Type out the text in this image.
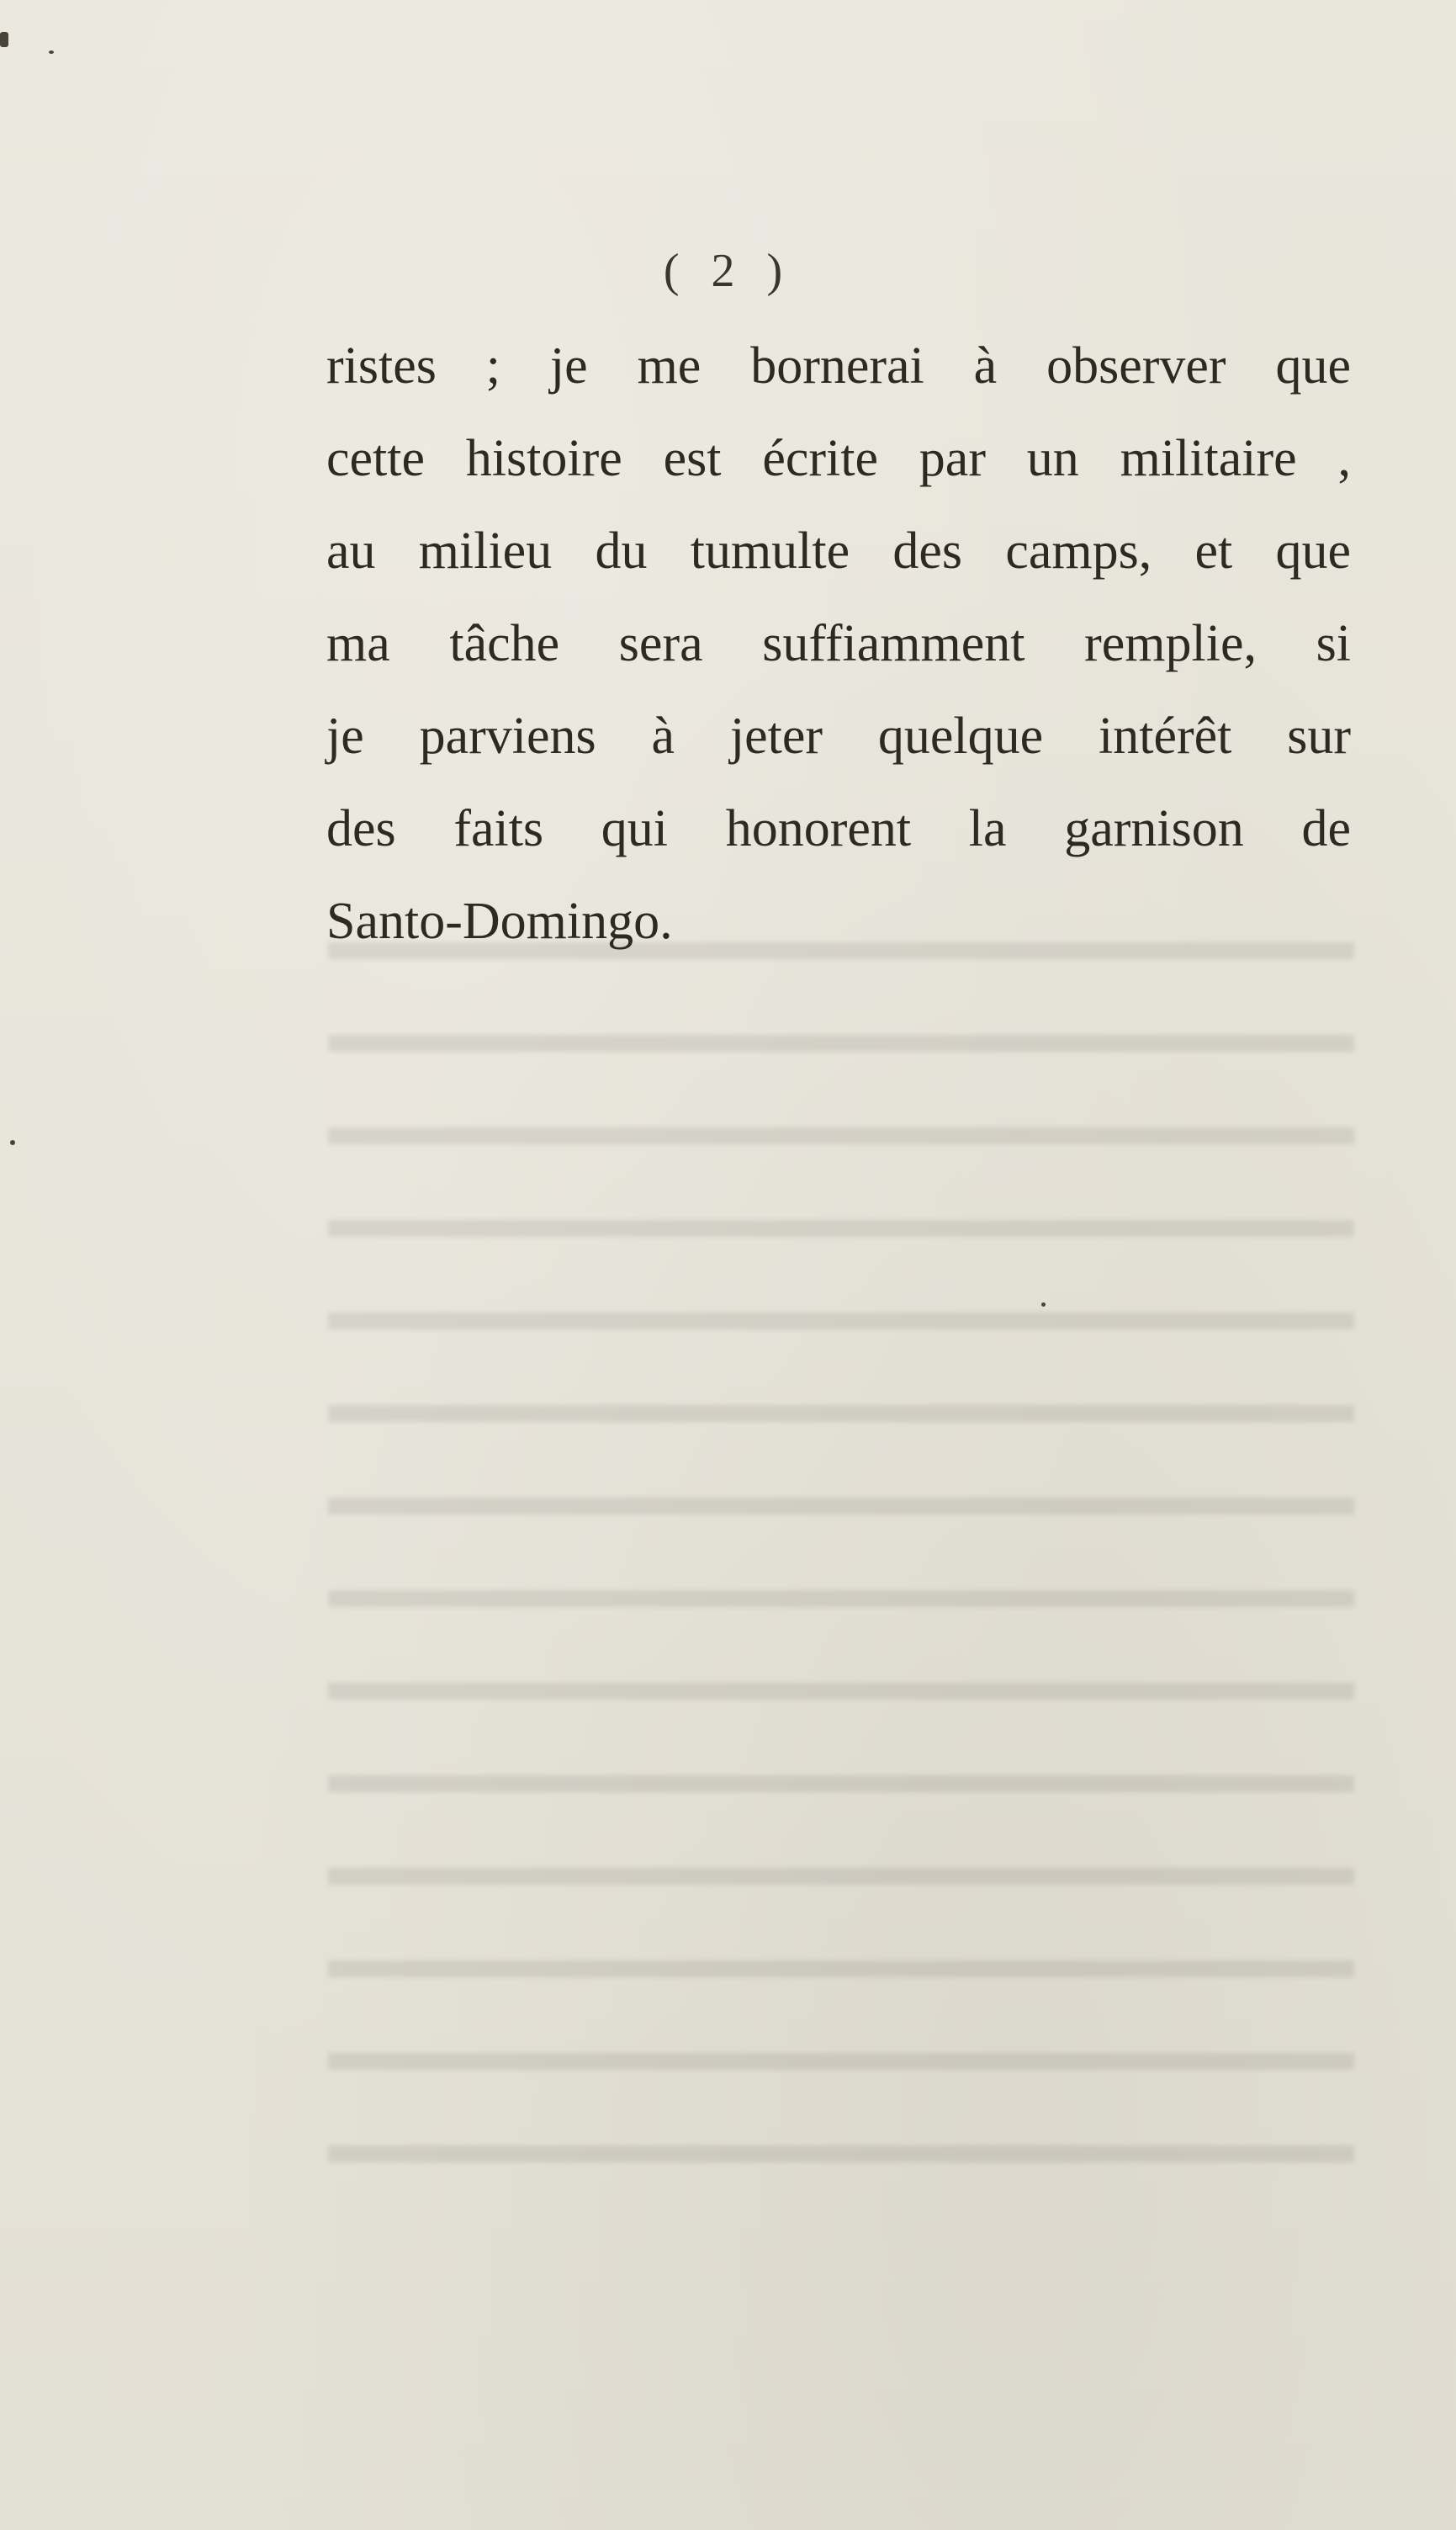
( 2 )
ristes ; je me bornerai à observer que
cette histoire est écrite par un militaire ,
au milieu du tumulte des camps, et que
ma tâche sera suffiamment remplie, si
je parviens à jeter quelque intérêt sur
des faits qui honorent la garnison de
Santo-Domingo.
